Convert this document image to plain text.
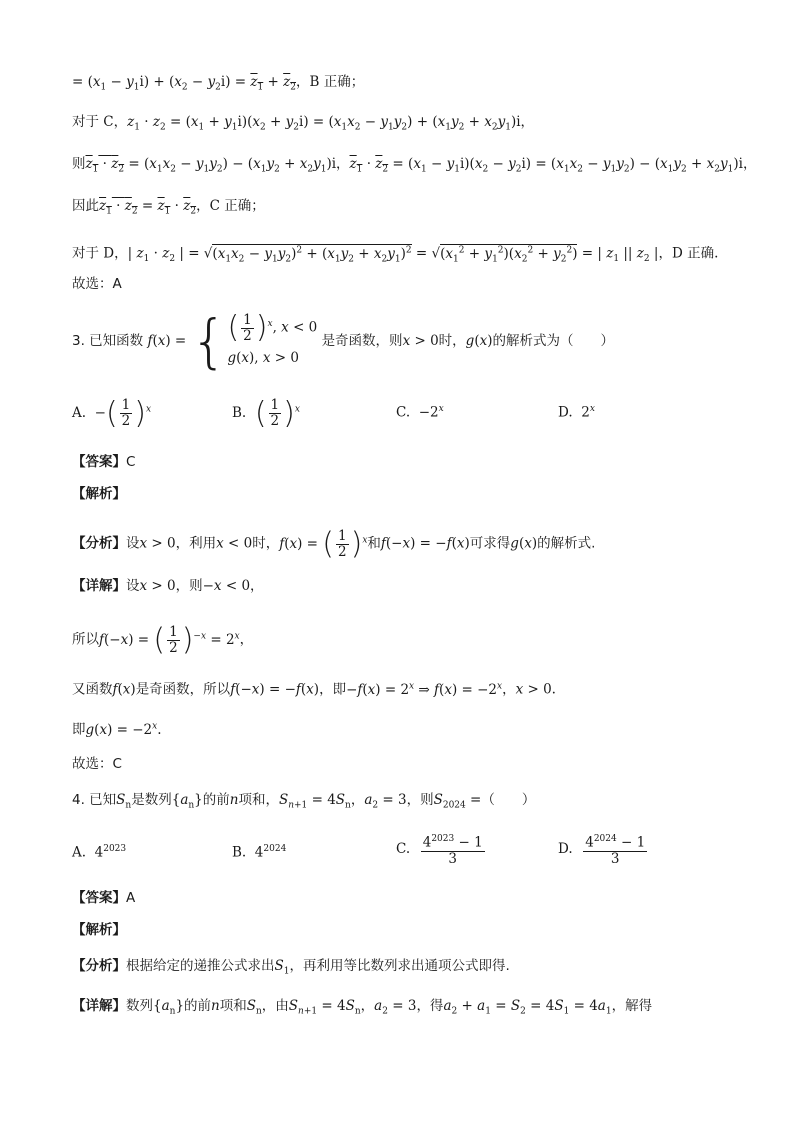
= $(x_1 - y_1i) + (x_2 - y_2i) = z_1 + z_2$，B 正确；
对于 C，$z_1 \cdot z_2 = (x_1 + y_1i)(x_2 + y_2i) = (x_1x_2 - y_1y_2) + (x_1y_2 + x_2y_1)i$，
则$z_1 \cdot z_2 = (x_1x_2 - y_1y_2) - (x_1y_2 + x_2y_1)i$，$z_1 \cdot z_2 = (x_1 - y_1i)(x_2 - y_2i) = (x_1x_2 - y_1y_2) - (x_1y_2 + x_2y_1)i$，
因此$z_1 \cdot z_2 = z_1 \cdot z_2$，C 正确；
对于 D，| $z_1 \cdot z_2$ | = $√(x_1x_2 - y_1y_2)^2 + (x_1y_2 + x_2y_1)^2 = √(x_1^2 + y_1^2)(x_2^2 + y_2^2)$ = | $z_1$ || $z_2$ |，D 正确.
故选：A
3. 已知函数 f(x) = { ( $\frac{1}{2} )^x$, x < 0
g(x), x > 0
是奇函数，则x > 0时，g(x)的解析式为（　　）
A.  −( $\frac{1}{2} )^x$	B. ( $\frac{1}{2} )^x$	C.  $-2^x$	D.  2$^x$
【答案】C
【解析】
【分析】设x > 0，利用x < 0时，f(x) = ( $\frac{1}{2} )^x$和f(−x) = −f(x)可求得g(x)的解析式.
【详解】设x > 0，则−x < 0，
所以f(−x) = ( $\frac{1}{2} )^{-x} = 2^x$，
又函数f(x)是奇函数，所以f(−x) = −f(x)，即$-f(x) = 2^x$ ⇒ $f(x) = -2^x$，x > 0.
即$g(x) = -2^x$.
故选：C
4. 已知$S_n$是数列$\{a_n\}$的前n项和，$S_{n+1} = 4S_n$，$a_2 = 3$，则$S_{2024}$ =（　　）
A.  $4^{2023}$	B.  $4^{2024}$	C. $\frac{4^{2023} - 1}{3}$	D. $\frac{4^{2024} - 1}{3}$
【答案】A
【解析】
【分析】根据给定的递推公式求出$S_1$，再利用等比数列求出通项公式即得.
【详解】数列$\{a_n\}$的前n项和$S_n$，由$S_{n+1} = 4S_n$，$a_2 = 3$，得$a_2 + a_1 = S_2 = 4S_1 = 4a_1$，解得
